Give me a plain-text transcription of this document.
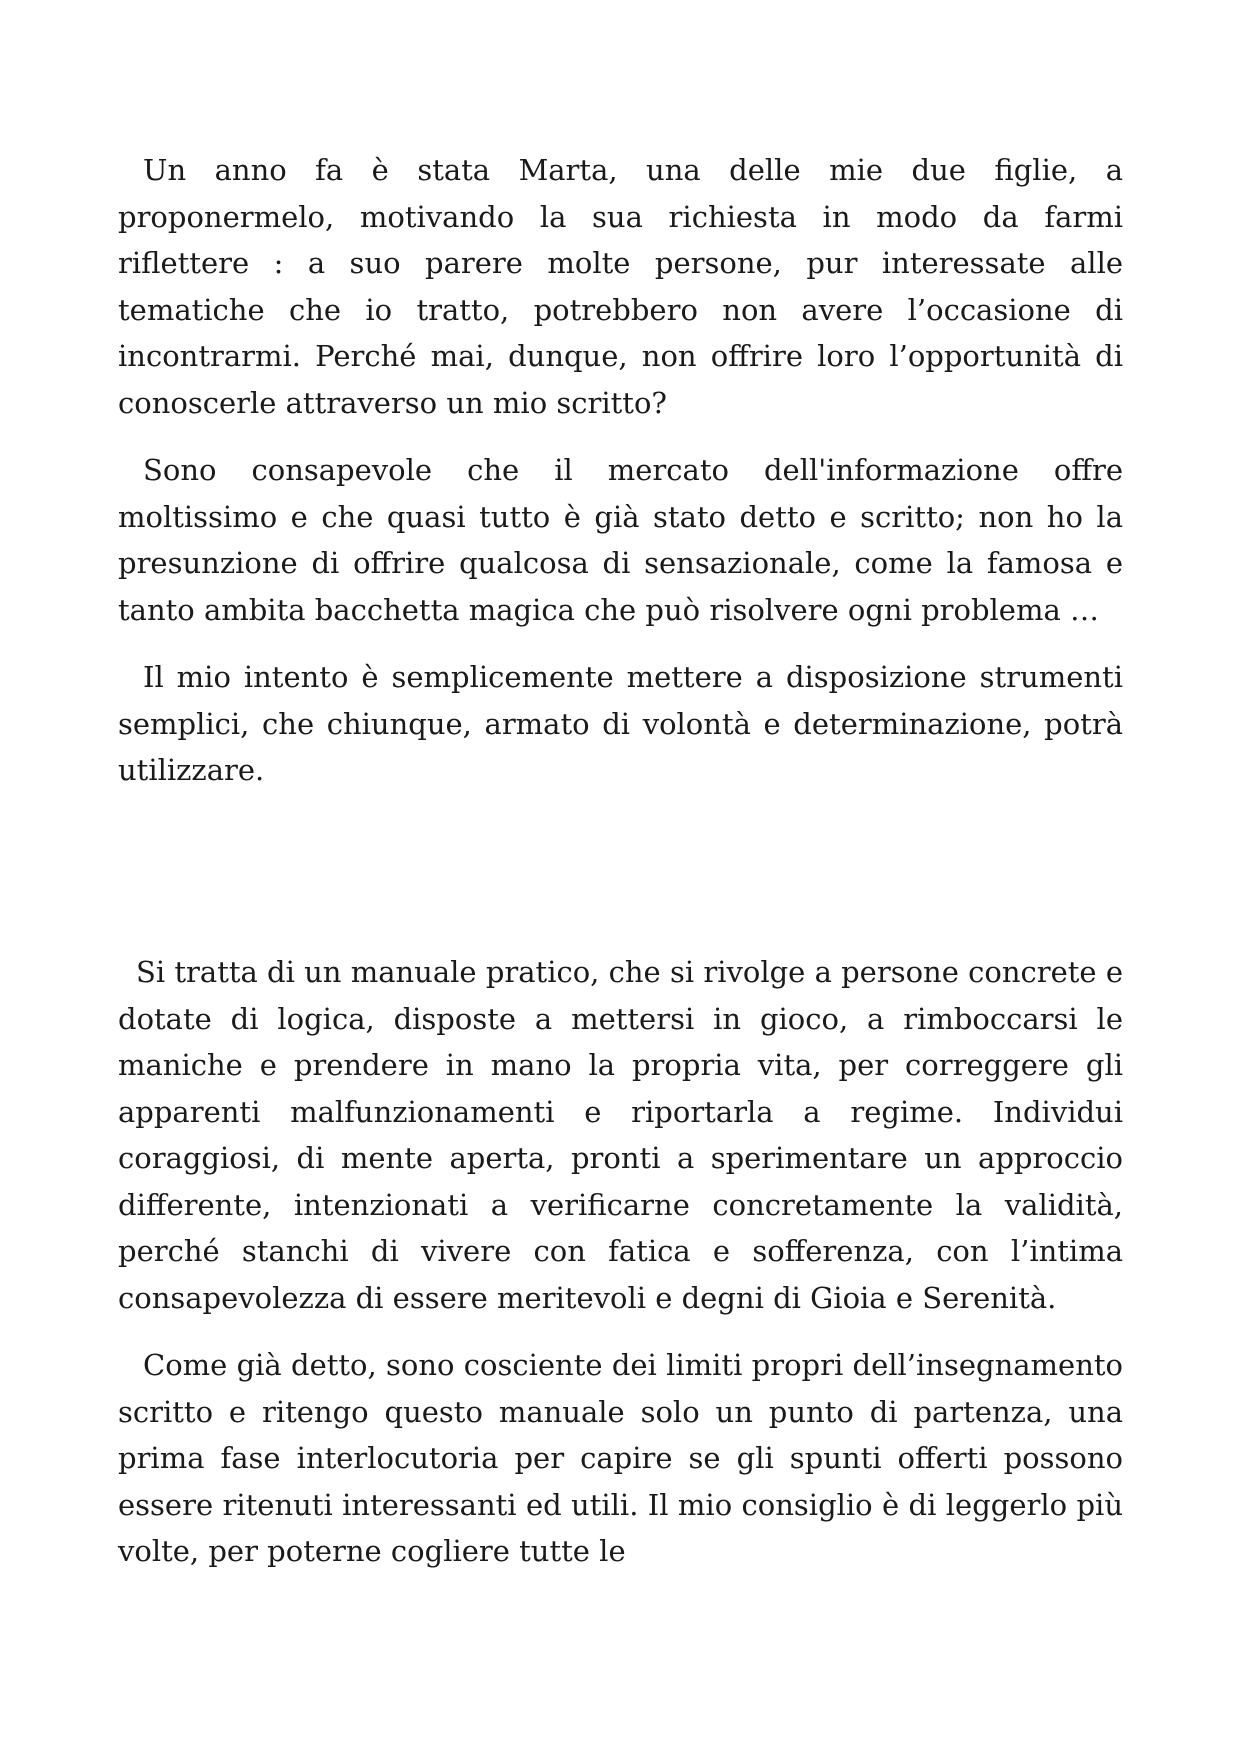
Un anno fa è stata Marta, una delle mie due figlie, a proponermelo, motivando la sua richiesta in modo da farmi riflettere : a suo parere molte persone, pur interessate alle tematiche che io tratto, potrebbero non avere l’occasione di incontrarmi. Perché mai, dunque, non offrire loro l’opportunità di conoscerle attraverso un mio scritto?

Sono consapevole che il mercato dell'informazione offre moltissimo e che quasi tutto è già stato detto e scritto; non ho la presunzione di offrire qualcosa di sensazionale, come la famosa e tanto ambita bacchetta magica che può risolvere ogni problema …

Il mio intento è semplicemente mettere a disposizione strumenti semplici, che chiunque, armato di volontà e determinazione, potrà utilizzare.

Si tratta di un manuale pratico, che si rivolge a persone concrete e dotate di logica, disposte a mettersi in gioco, a rimboccarsi le maniche e prendere in mano la propria vita, per correggere gli apparenti malfunzionamenti e riportarla a regime. Individui coraggiosi, di mente aperta, pronti a sperimentare un approccio differente, intenzionati a verificarne concretamente la validità, perché stanchi di vivere con fatica e sofferenza, con l’intima consapevolezza di essere meritevoli e degni di Gioia e Serenità.

Come già detto, sono cosciente dei limiti propri dell’insegnamento scritto e ritengo questo manuale solo un punto di partenza, una prima fase interlocutoria per capire se gli spunti offerti possono essere ritenuti interessanti ed utili. Il mio consiglio è di leggerlo più volte, per poterne cogliere tutte le
